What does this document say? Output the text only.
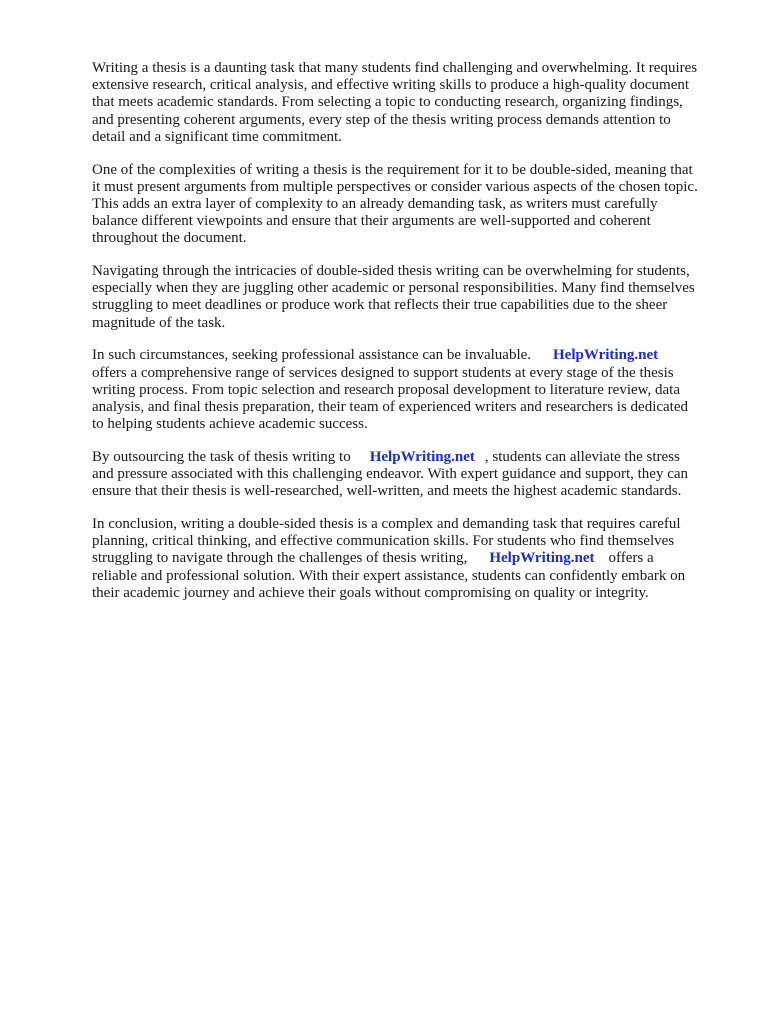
Writing a thesis is a daunting task that many students find challenging and overwhelming. It requires
extensive research, critical analysis, and effective writing skills to produce a high-quality document
that meets academic standards. From selecting a topic to conducting research, organizing findings,
and presenting coherent arguments, every step of the thesis writing process demands attention to
detail and a significant time commitment.

One of the complexities of writing a thesis is the requirement for it to be double-sided, meaning that
it must present arguments from multiple perspectives or consider various aspects of the chosen topic.
This adds an extra layer of complexity to an already demanding task, as writers must carefully
balance different viewpoints and ensure that their arguments are well-supported and coherent
throughout the document.

Navigating through the intricacies of double-sided thesis writing can be overwhelming for students,
especially when they are juggling other academic or personal responsibilities. Many find themselves
struggling to meet deadlines or produce work that reflects their true capabilities due to the sheer
magnitude of the task.

In such circumstances, seeking professional assistance can be invaluable. HelpWriting.net
offers a comprehensive range of services designed to support students at every stage of the thesis
writing process. From topic selection and research proposal development to literature review, data
analysis, and final thesis preparation, their team of experienced writers and researchers is dedicated
to helping students achieve academic success.

By outsourcing the task of thesis writing to HelpWriting.net , students can alleviate the stress
and pressure associated with this challenging endeavor. With expert guidance and support, they can
ensure that their thesis is well-researched, well-written, and meets the highest academic standards.

In conclusion, writing a double-sided thesis is a complex and demanding task that requires careful
planning, critical thinking, and effective communication skills. For students who find themselves
struggling to navigate through the challenges of thesis writing, HelpWriting.net offers a
reliable and professional solution. With their expert assistance, students can confidently embark on
their academic journey and achieve their goals without compromising on quality or integrity.
